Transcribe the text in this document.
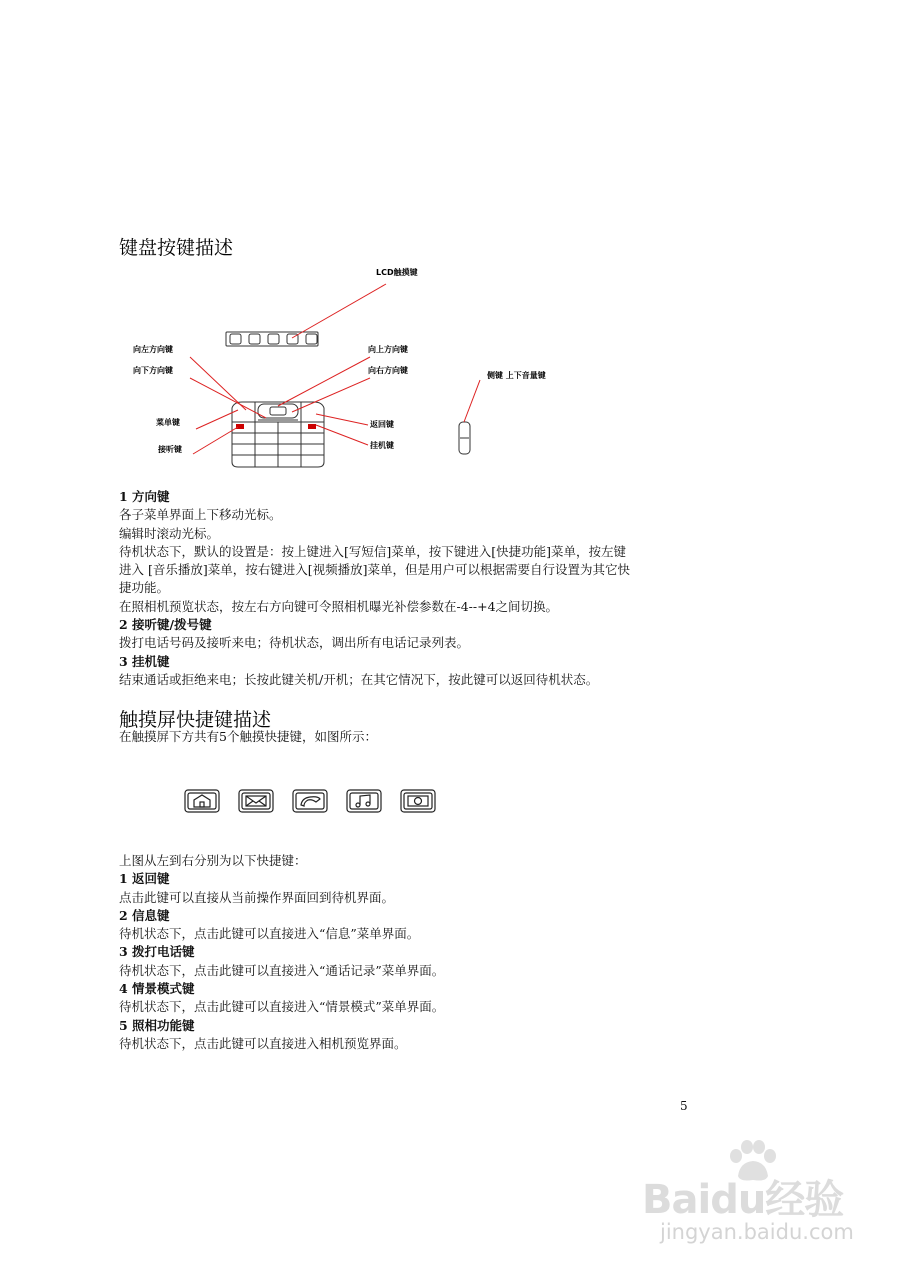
键盘按键描述
LCD触摸键
向左方向键
向下方向键
菜单键
接听键
向上方向键
向右方向键
返回键
挂机键
侧键 上下音量键
1 方向键
各子菜单界面上下移动光标。
编辑时滚动光标。
待机状态下，默认的设置是：按上键进入[写短信]菜单，按下键进入[快捷功能]菜单，按左键
进入 [音乐播放]菜单，按右键进入[视频播放]菜单，但是用户可以根据需要自行设置为其它快
捷功能。
在照相机预览状态，按左右方向键可令照相机曝光补偿参数在-4--+4之间切换。
2 接听键/拨号键
拨打电话号码及接听来电；待机状态，调出所有电话记录列表。
3 挂机键
结束通话或拒绝来电；长按此键关机/开机；在其它情况下，按此键可以返回待机状态。
触摸屏快捷键描述
在触摸屏下方共有5个触摸快捷键，如图所示：
上图从左到右分别为以下快捷键：
1 返回键
点击此键可以直接从当前操作界面回到待机界面。
2 信息键
待机状态下，点击此键可以直接进入“信息”菜单界面。
3 拨打电话键
待机状态下，点击此键可以直接进入“通话记录”菜单界面。
4 情景模式键
待机状态下，点击此键可以直接进入“情景模式”菜单界面。
5 照相功能键
待机状态下，点击此键可以直接进入相机预览界面。
5
Baidu经验
jingyan.baidu.com
